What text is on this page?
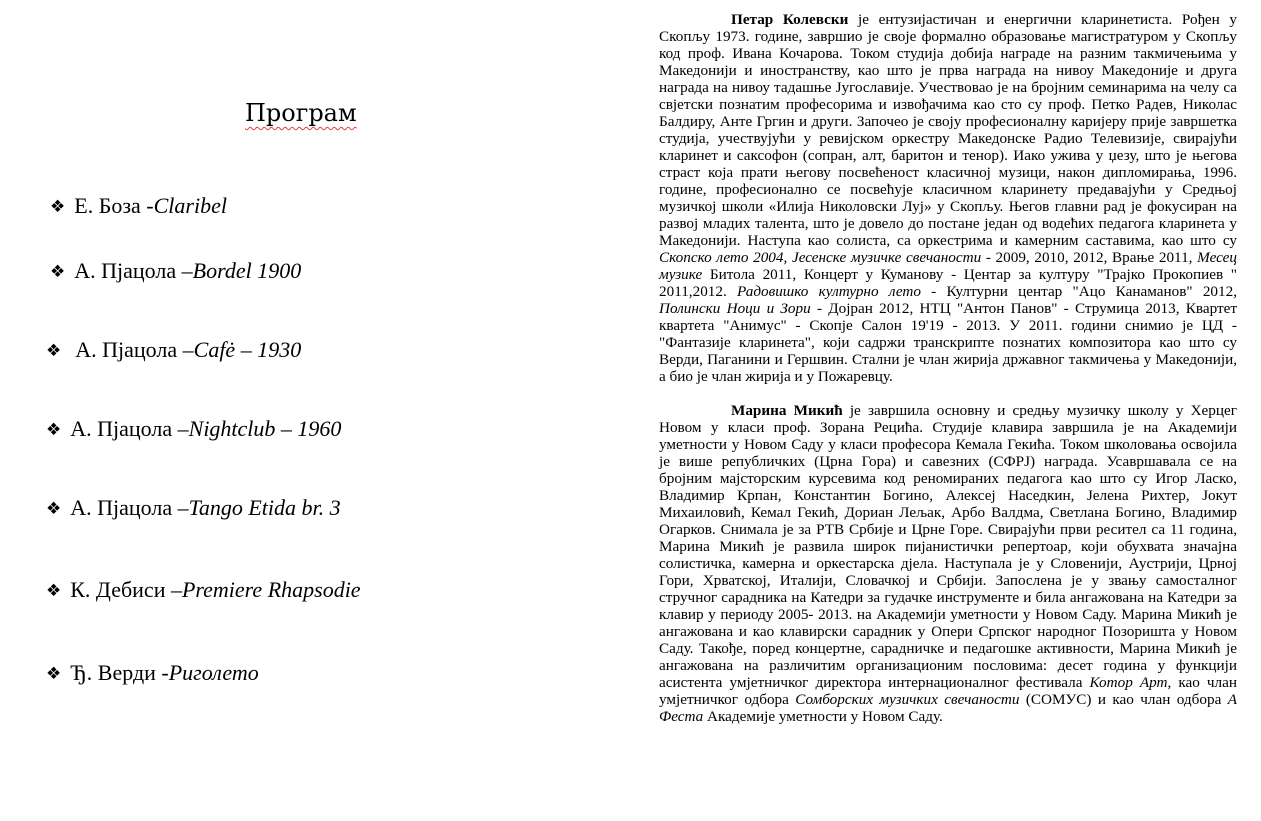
Програм
❖ Е. Боза - Claribel
❖ А. Пјацола – Bordel 1900
❖ А. Пјацола – Cafė – 1930
❖ А. Пјацола – Nightclub – 1960
❖ А. Пјацола – Tango Etida br. 3
❖ К. Дебиси – Premiere Rhapsodie
❖ Ђ. Верди - Риголето

Петар Колевски је ентузијастичан и енергични кларинетиста. Рођен у Скопљу 1973. године, завршио је своје формално образовање магистратуром у Скопљу код проф. Ивана Кочарова. Током студија добија награде на разним такмичењима у Македонији и иностранству, као што је прва награда на нивоу Македоније и друга награда на нивоу тадашње Југославије. Учествовао је на бројним семинарима на челу са свјетски познатим професорима и извођачима као сто су проф. Петко Радев, Николас Балдиру, Анте Гргин и други. Започео је своју професионалну каријеру прије завршетка студија, учествујући у ревијском оркестру Македонске Радио Телевизије, свирајући кларинет и саксофон (сопран, алт, баритон и тенор). Иако ужива у џезу, што је његова страст која прати његову посвећеност класичној музици, након дипломирања, 1996. године, професионално се посвећује класичном кларинету предавајући у Средњој музичкој школи «Илија Николовски Луј» у Скопљу. Његов главни рад је фокусиран на развој младих талента, што је довело до постане један од водећих педагога кларинета у Македонији. Наступа као солиста, са оркестрима и камерним саставима, као што су Скопско лето 2004, Јесенске музичке свечаности - 2009, 2010, 2012, Врање 2011, Месец музике Битола 2011, Концерт у Куманову - Центар за културу "Трајко Прокопиев " 2011,2012. Радовишко културно лето - Културни центар "Ацо Канаманов" 2012, Полински Ноци и Зори - Дојран 2012, НТЦ "Антон Панов" - Струмица 2013, Квартет квартета "Анимус" - Скопје Салон 19'19 - 2013. У 2011. години снимио је ЦД - "Фантазије кларинета", који садржи транскрипте познатих композитора као што су Верди, Паганини и Гершвин. Стални је члан жирија државног такмичења у Македонији, а био је члан жирија и у Пожаревцу.

Марина Микић је завршила основну и средњу музичку школу у Херцег Новом у класи проф. Зорана Рецића. Студије клавира завршила је на Академији уметности у Новом Саду у класи професора Кемала Гекића. Током школовања освојила је више републичких (Црна Гора) и савезних (СФРЈ) награда. Усавршавала се на бројним мајсторским курсевима код реномираних педагога као што су Игор Ласко, Владимир Крпан, Константин Богино, Алексеј Наседкин, Јелена Рихтер, Јокут Михаиловић, Кемал Гекић, Дориан Лељак, Арбо Валдма, Светлана Богино, Владимир Огарков. Снимала је за РТВ Србије и Црне Горе. Свирајући први ресител са 11 година, Марина Микић је развила широк пијанистички репертоар, који обухвата значајна солистичка, камерна и оркестарска дјела. Наступала је у Словенији, Аустрији, Црној Гори, Хрватској, Италији, Словачкој и Србији. Запослена је у звању самосталног стручног сарадника на Катедри за гудачке инструменте и била ангажована на Катедри за клавир у периоду 2005- 2013. на Академији уметности у Новом Саду. Марина Микић је ангажована и као клавирски сарадник у Опери Српског народног Позоришта у Новом Саду. Такође, поред концертне, сарадничке и педагошке активности, Марина Микић је ангажована на различитим организационим пословима: десет година у функцији асистента умјетничког директора интернационалног фестивала Котор Арт, као члан умјетничког одбора Сомборских музичких свечаности (СОМУС) и као члан одбора А Феста Академије уметности у Новом Саду.
